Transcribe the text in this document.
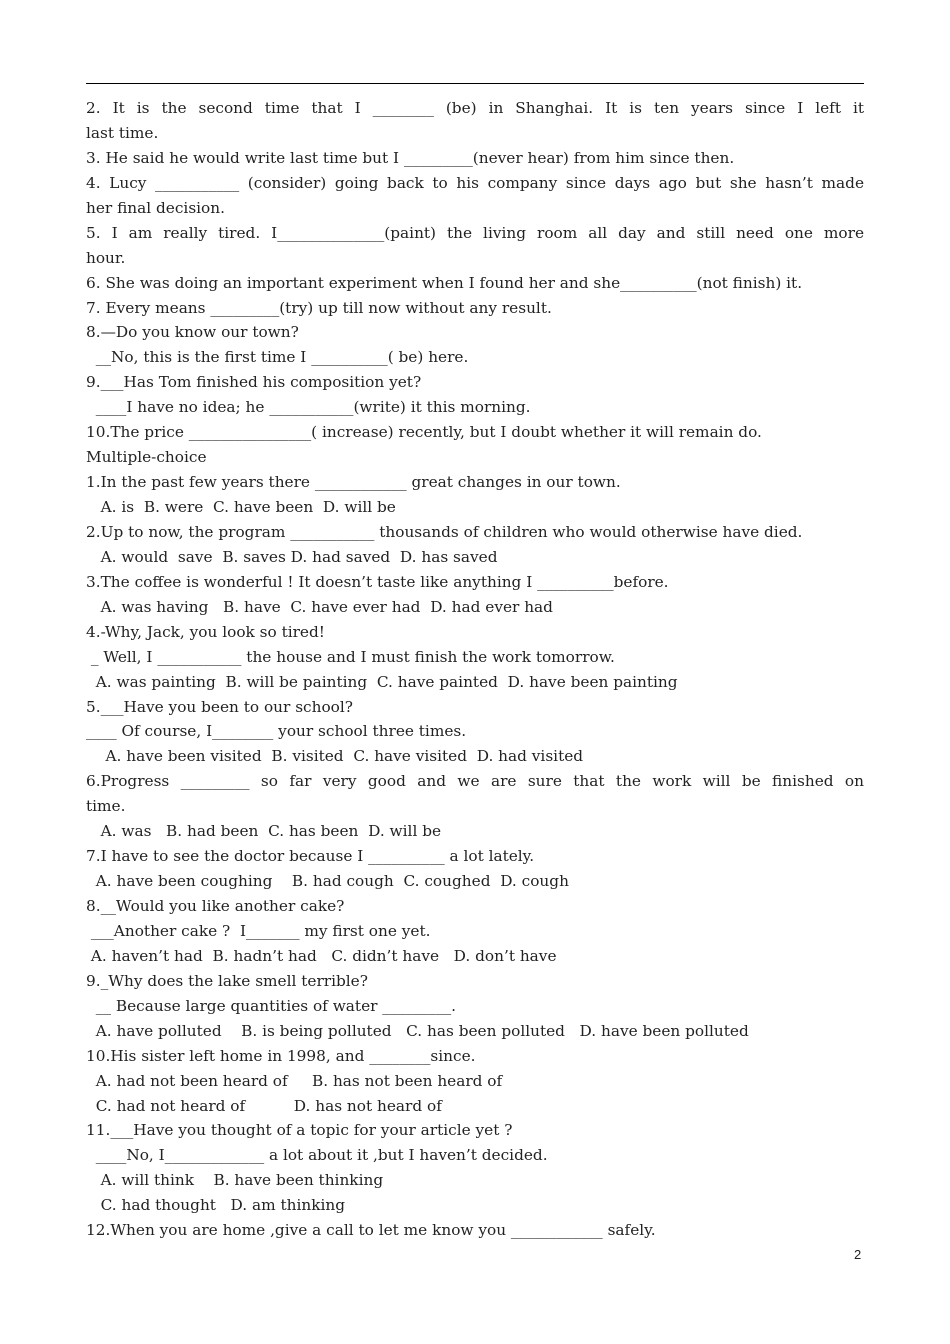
2. It is the second time that I ________ (be) in Shanghai. It is ten years since I left it
last time.
3. He said he would write last time but I _________(never hear) from him since then.
4. Lucy ___________ (consider) going back to his company since days ago but she hasn’t made
her final decision.
5. I am really tired. I______________(paint) the living room all day and still need one more
hour.
6. She was doing an important experiment when I found her and she__________(not finish) it.
7. Every means _________(try) up till now without any result.
8.—Do you know our town?
__No, this is the first time I __________( be) here.
9.___Has Tom finished his composition yet?
____I have no idea; he ___________(write) it this morning.
10.The price ________________( increase) recently, but I doubt whether it will remain do.
Multiple-choice
1.In the past few years there ____________ great changes in our town.
A. is  B. were  C. have been  D. will be
2.Up to now, the program ___________ thousands of children who would otherwise have died.
A. would  save  B. saves D. had saved  D. has saved
3.The coffee is wonderful ! It doesn’t taste like anything I __________before.
A. was having   B. have  C. have ever had  D. had ever had
4.-Why, Jack, you look so tired!
_ Well, I ___________ the house and I must finish the work tomorrow.
A. was painting  B. will be painting  C. have painted  D. have been painting
5.___Have you been to our school?
____ Of course, I________ your school three times.
A. have been visited  B. visited  C. have visited  D. had visited
6.Progress _________ so far very good and we are sure that the work will be finished on
time.
A. was   B. had been  C. has been  D. will be
7.I have to see the doctor because I __________ a lot lately.
A. have been coughing    B. had cough  C. coughed  D. cough
8.__Would you like another cake?
___Another cake ?  I_______ my first one yet.
A. haven’t had  B. hadn’t had   C. didn’t have   D. don’t have
9._Why does the lake smell terrible?
__ Because large quantities of water _________.
A. have polluted    B. is being polluted   C. has been polluted   D. have been polluted
10.His sister left home in 1998, and ________since.
A. had not been heard of     B. has not been heard of
C. had not heard of          D. has not heard of
11.___Have you thought of a topic for your article yet ?
____No, I_____________ a lot about it ,but I haven’t decided.
A. will think    B. have been thinking
C. had thought   D. am thinking
12.When you are home ,give a call to let me know you ____________ safely.
2
